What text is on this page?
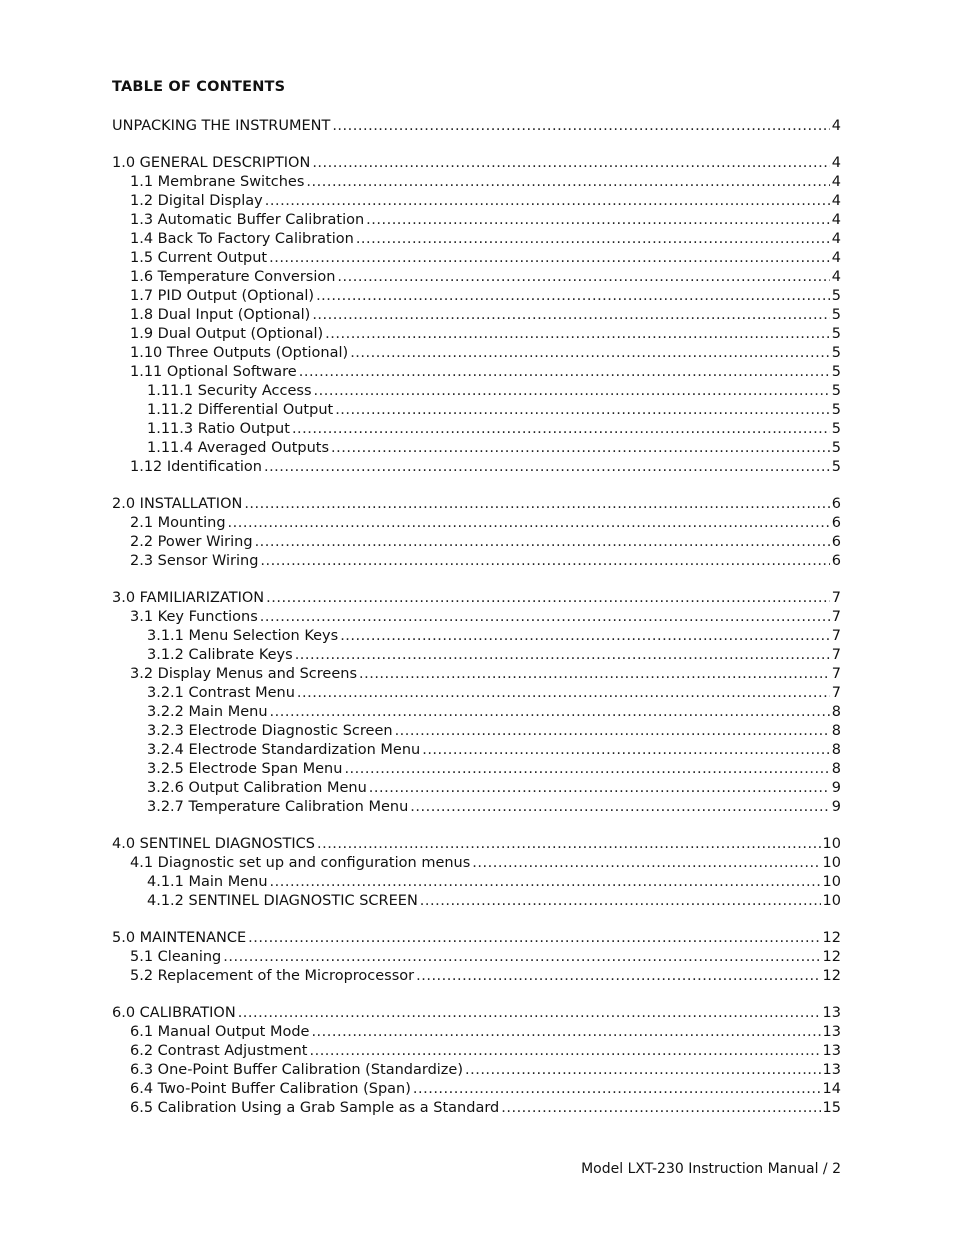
TABLE OF CONTENTS
UNPACKING THE INSTRUMENT .....	4
1.0 GENERAL DESCRIPTION .....	4
1.1 Membrane Switches .....	4
1.2 Digital Display .....	4
1.3 Automatic Buffer Calibration .....	4
1.4 Back To Factory Calibration .....	4
1.5 Current Output .....	4
1.6 Temperature Conversion .....	4
1.7 PID Output (Optional) .....	5
1.8 Dual Input (Optional) .....	5
1.9 Dual Output (Optional) .....	5
1.10 Three Outputs (Optional) .....	5
1.11 Optional Software .....	5
1.11.1 Security Access .....	5
1.11.2 Differential Output .....	5
1.11.3 Ratio Output .....	5
1.11.4 Averaged Outputs .....	5
1.12 Identification .....	5
2.0 INSTALLATION .....	6
2.1 Mounting .....	6
2.2 Power Wiring .....	6
2.3 Sensor Wiring .....	6
3.0 FAMILIARIZATION .....	7
3.1 Key Functions .....	7
3.1.1 Menu Selection Keys .....	7
3.1.2 Calibrate Keys .....	7
3.2 Display Menus and Screens .....	7
3.2.1 Contrast Menu .....	7
3.2.2 Main Menu .....	8
3.2.3 Electrode Diagnostic Screen .....	8
3.2.4 Electrode Standardization Menu .....	8
3.2.5 Electrode Span Menu .....	8
3.2.6 Output Calibration Menu .....	9
3.2.7 Temperature Calibration Menu .....	9
4.0 SENTINEL DIAGNOSTICS .....	10
4.1 Diagnostic set up and configuration menus .....	10
4.1.1 Main Menu .....	10
4.1.2 SENTINEL DIAGNOSTIC SCREEN .....	10
5.0 MAINTENANCE .....	12
5.1 Cleaning .....	12
5.2 Replacement of the Microprocessor .....	12
6.0 CALIBRATION .....	13
6.1 Manual Output Mode .....	13
6.2 Contrast Adjustment .....	13
6.3 One-Point Buffer Calibration (Standardize) .....	13
6.4 Two-Point Buffer Calibration (Span) .....	14
6.5 Calibration Using a Grab Sample as a Standard .....	15
Model LXT-230 Instruction Manual / 2
